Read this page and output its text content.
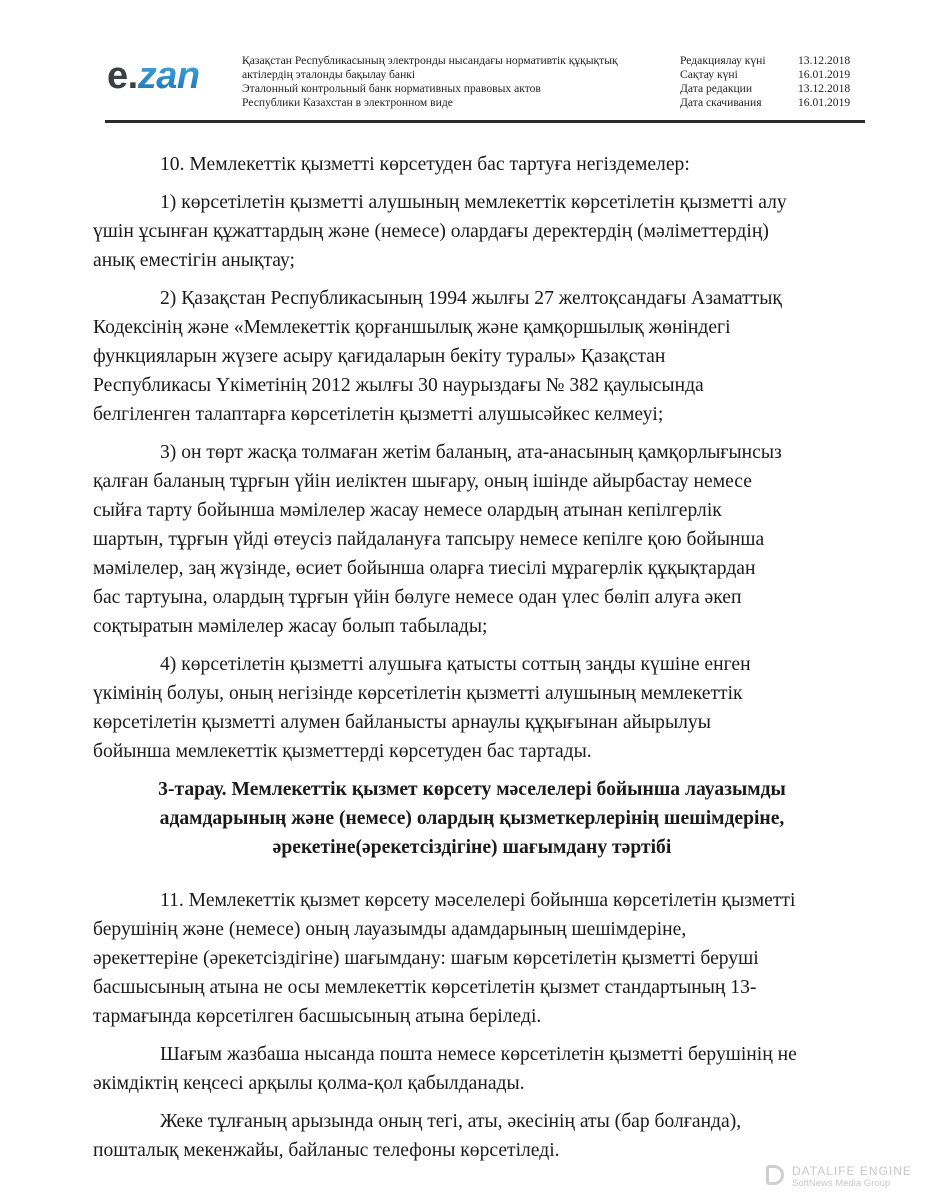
e.zan	Қазақстан Республикасының электронды нысандағы нормативтік құқықтық
актілердің эталонды бақылау банкі
Эталонный контрольный банк нормативных правовых актов
Республики Казахстан в электронном виде
Редакциялау күні	13.12.2018
Сақтау күні	16.01.2019
Дата редакции	13.12.2018
Дата скачивания	16.01.2019
10. Мемлекеттік қызметті көрсетуден бас тартуға негіздемелер:
1) көрсетілетін қызметті алушының мемлекеттік көрсетілетін қызметті алу
үшін ұсынған құжаттардың және (немесе) олардағы деректердің (мәліметтердің)
анық еместігін анықтау;
2) Қазақстан Республикасының 1994 жылғы 27 желтоқсандағы Азаматтық
Кодексінің және «Мемлекеттік қорғаншылық және қамқоршылық жөніндегі
функцияларын жүзеге асыру қағидаларын бекіту туралы» Қазақстан
Республикасы Үкіметінің 2012 жылғы 30 наурыздағы № 382 қаулысында
белгіленген талаптарға көрсетілетін қызметті алушысәйкес келмеуі;
3) он төрт жасқа толмаған жетім баланың, ата-анасының қамқорлығынсыз
қалған баланың тұрғын үйін иеліктен шығару, оның ішінде айырбастау немесе
сыйға тарту бойынша мәмілелер жасау немесе олардың атынан кепілгерлік
шартын, тұрғын үйді өтеусіз пайдалануға тапсыру немесе кепілге қою бойынша
мәмілелер, заң жүзінде, өсиет бойынша оларға тиесілі мұрагерлік құқықтардан
бас тартуына, олардың тұрғын үйін бөлуге немесе одан үлес бөліп алуға әкеп
соқтыратын мәмілелер жасау болып табылады;
4) көрсетілетін қызметті алушыға қатысты соттың заңды күшіне енген
үкімінің болуы, оның негізінде көрсетілетін қызметті алушының мемлекеттік
көрсетілетін қызметті алумен байланысты арнаулы құқығынан айырылуы
бойынша мемлекеттік қызметтерді көрсетуден бас тартады.
3-тарау. Мемлекеттік қызмет көрсету мәселелері бойынша лауазымды
адамдарының және (немесе) олардың қызметкерлерінің шешімдеріне,
әрекетіне(әрекетсіздігіне) шағымдану тәртібі
11. Мемлекеттік қызмет көрсету мәселелері бойынша көрсетілетін қызметті
берушінің және (немесе) оның лауазымды адамдарының шешімдеріне,
әрекеттеріне (әрекетсіздігіне) шағымдану: шағым көрсетілетін қызметті беруші
басшысының атына не осы мемлекеттік көрсетілетін қызмет стандартының 13-
тармағында көрсетілген басшысының атына беріледі.
Шағым жазбаша нысанда пошта немесе көрсетілетін қызметті берушінің не
әкімдіктің кеңсесі арқылы қолма-қол қабылданады.
Жеке тұлғаның арызында оның тегі, аты, әкесінің аты (бар болғанда),
пошталық мекенжайы, байланыс телефоны көрсетіледі.
DATALIFE ENGINE
SoftNews Media Group
